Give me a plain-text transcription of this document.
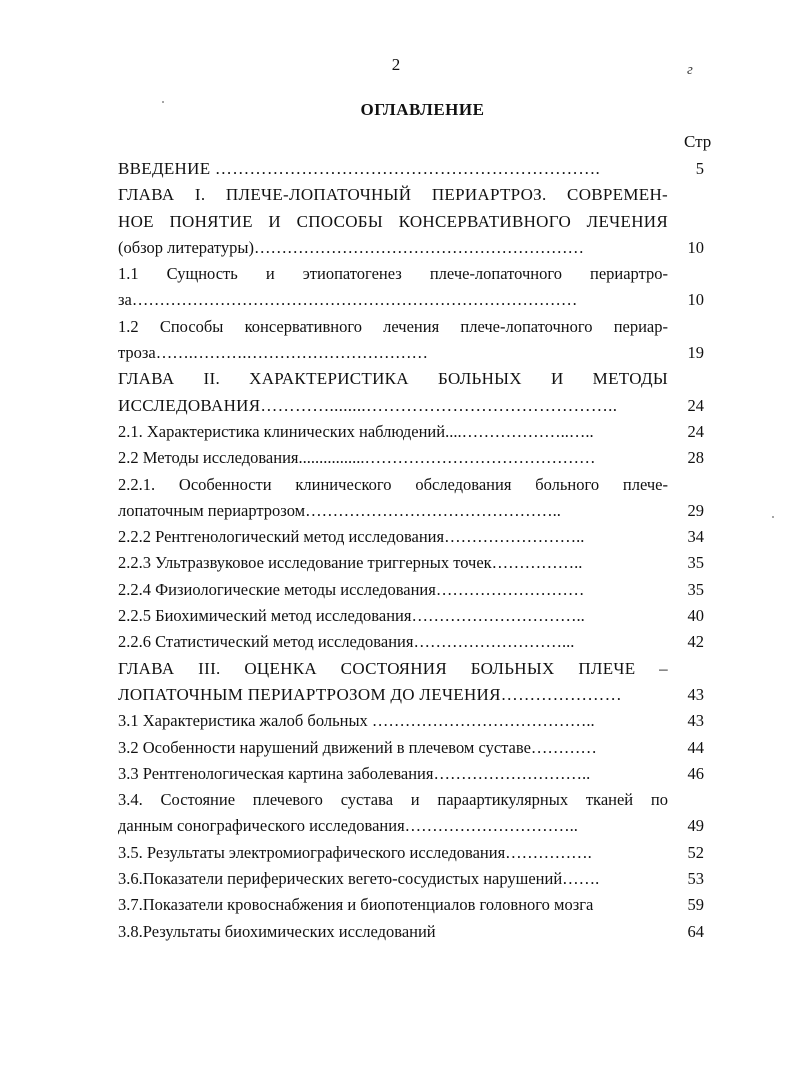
2	г
ОГЛАВЛЕНИЕ
Стр
ВВЕДЕНИЕ ………………………………………………………….	5
ГЛАВА I. ПЛЕЧЕ-ЛОПАТОЧНЫЙ ПЕРИАРТРОЗ. СОВРЕМЕН-
НОЕ ПОНЯТИЕ И СПОСОБЫ КОНСЕРВАТИВНОГО ЛЕЧЕНИЯ
(обзор литературы)……………………………………………………	10
1.1 Сущность и этиопатогенез плече-лопаточного периартро-
за………………………………………………………………………	10
1.2 Способы консервативного лечения плече-лопаточного периар-
троза…….……….……………………………	19
ГЛАВА II. ХАРАКТЕРИСТИКА БОЛЬНЫХ И МЕТОДЫ
ИССЛЕДОВАНИЯ…………........……………………………………..	24
2.1. Характеристика клинических наблюдений....………………..…..	24
2.2 Методы исследования................……………………………………	28
2.2.1. Особенности клинического обследования больного плече-
лопаточным периартрозом………………………………………..	29
2.2.2 Рентгенологический метод исследования……………………..	34
2.2.3 Ультразвуковое исследование триггерных точек……………..	35
2.2.4 Физиологические методы исследования………………………	35
2.2.5 Биохимический метод исследования…………………………..	40
2.2.6 Статистический метод исследования………………………...	42
ГЛАВА III. ОЦЕНКА СОСТОЯНИЯ БОЛЬНЫХ ПЛЕЧЕ –
ЛОПАТОЧНЫМ ПЕРИАРТРОЗОМ ДО ЛЕЧЕНИЯ…………………	43
3.1 Характеристика жалоб больных …………………………………..	43
3.2 Особенности нарушений движений в плечевом суставе…………	44
3.3 Рентгенологическая картина заболевания………………………..	46
3.4. Состояние плечевого сустава и параартикулярных тканей по
данным сонографического исследования…………………………..	49
3.5. Результаты электромиографического исследования…………….	52
3.6.Показатели периферических вегето-сосудистых нарушений…….	53
3.7.Показатели кровоснабжения и биопотенциалов головного мозга	59
3.8.Результаты биохимических исследований	64
